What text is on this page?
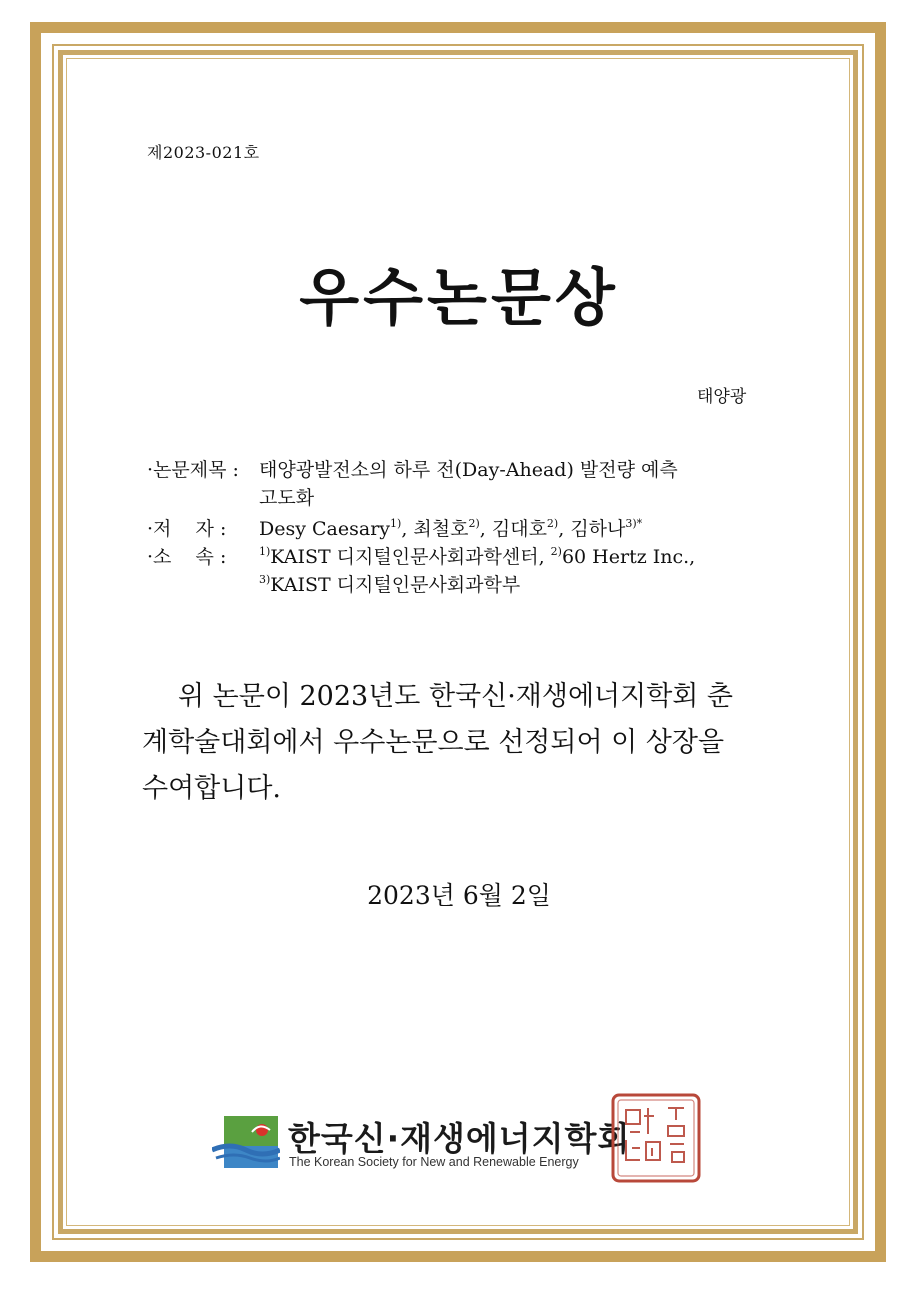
제2023-021호
우수논문상
태양광
·논문제목 : 태양광발전소의 하루 전(Day-Ahead) 발전량 예측
고도화
·저    자 : Desy Caesary$^{1)}$, 최철호$^{2)}$, 김대호$^{2)}$, 김하나$^{3)*}$
·소    속 :	$^{1)}$KAIST 디지털인문사회과학센터, $^{2)}$60 Hertz Inc.,
$^{3)}$KAIST 디지털인문사회과학부
위 논문이 2023년도 한국신·재생에너지학회 춘
계학술대회에서 우수논문으로 선정되어 이 상장을
수여합니다.
2023년 6월 2일
한국신·재생에너지학회
The Korean Society for New and Renewable Energy
